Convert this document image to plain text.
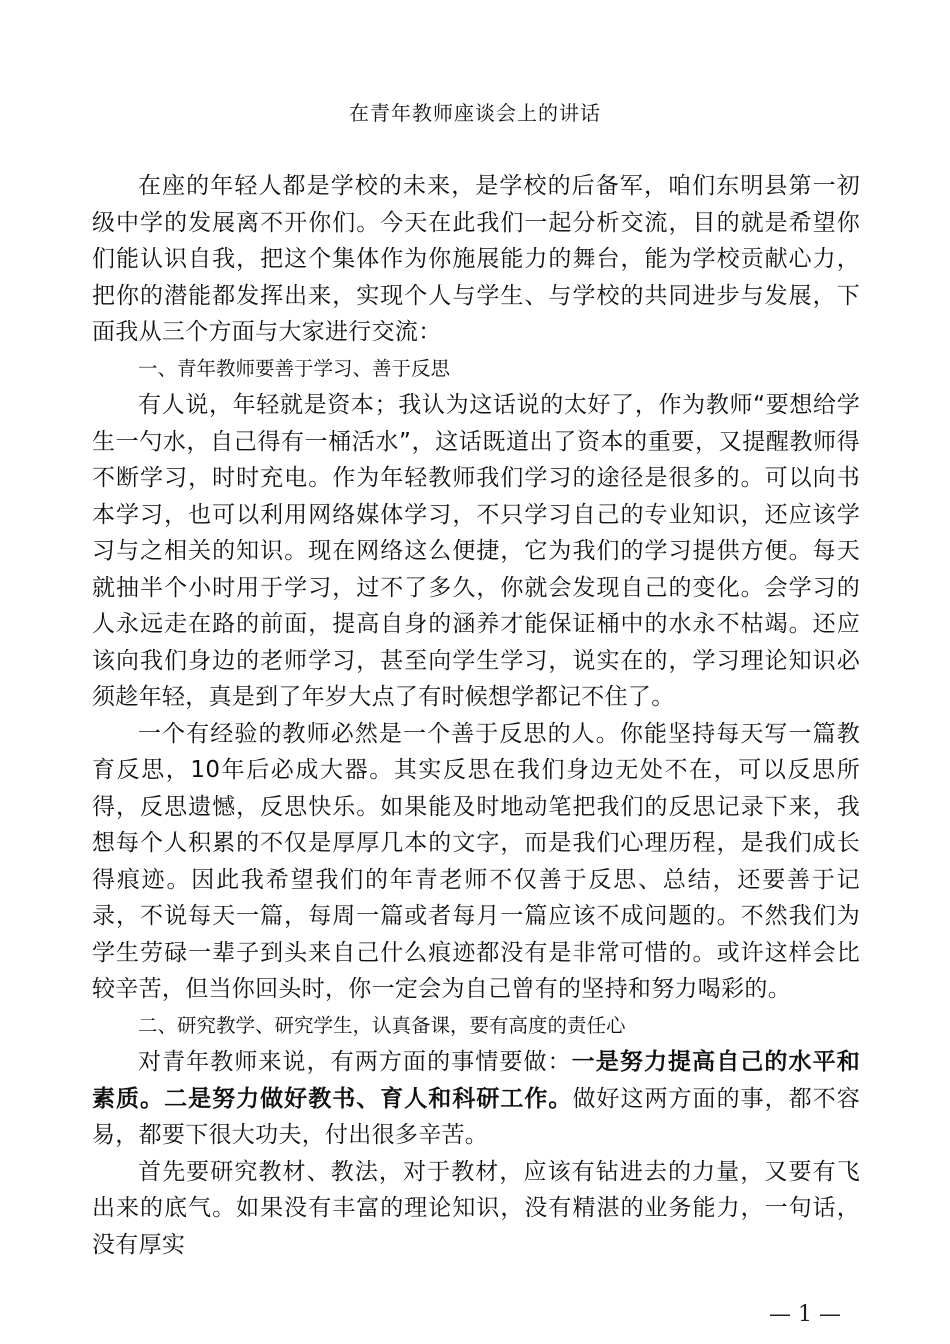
在青年教师座谈会上的讲话

在座的年轻人都是学校的未来，是学校的后备军，咱们东明县第一初级中学的发展离不开你们。今天在此我们一起分析交流，目的就是希望你们能认识自我，把这个集体作为你施展能力的舞台，能为学校贡献心力，把你的潜能都发挥出来，实现个人与学生、与学校的共同进步与发展，下面我从三个方面与大家进行交流：

一、青年教师要善于学习、善于反思

有人说，年轻就是资本；我认为这话说的太好了，作为教师“要想给学生一勺水，自己得有一桶活水”，这话既道出了资本的重要，又提醒教师得不断学习，时时充电。作为年轻教师我们学习的途径是很多的。可以向书本学习，也可以利用网络媒体学习，不只学习自己的专业知识，还应该学习与之相关的知识。现在网络这么便捷，它为我们的学习提供方便。每天就抽半个小时用于学习，过不了多久，你就会发现自己的变化。会学习的人永远走在路的前面，提高自身的涵养才能保证桶中的水永不枯竭。还应该向我们身边的老师学习，甚至向学生学习，说实在的，学习理论知识必须趁年轻，真是到了年岁大点了有时候想学都记不住了。

一个有经验的教师必然是一个善于反思的人。你能坚持每天写一篇教育反思，10年后必成大器。其实反思在我们身边无处不在，可以反思所得，反思遗憾，反思快乐。如果能及时地动笔把我们的反思记录下来，我想每个人积累的不仅是厚厚几本的文字，而是我们心理历程，是我们成长得痕迹。因此我希望我们的年青老师不仅善于反思、总结，还要善于记录，不说每天一篇，每周一篇或者每月一篇应该不成问题的。不然我们为学生劳碌一辈子到头来自己什么痕迹都没有是非常可惜的。或许这样会比较辛苦，但当你回头时，你一定会为自己曾有的坚持和努力喝彩的。

二、研究教学、研究学生，认真备课，要有高度的责任心

对青年教师来说，有两方面的事情要做：一是努力提高自己的水平和素质。二是努力做好教书、育人和科研工作。做好这两方面的事，都不容易，都要下很大功夫，付出很多辛苦。

首先要研究教材、教法，对于教材，应该有钻进去的力量，又要有飞出来的底气。如果没有丰富的理论知识，没有精湛的业务能力，一句话，没有厚实

— 1 —
